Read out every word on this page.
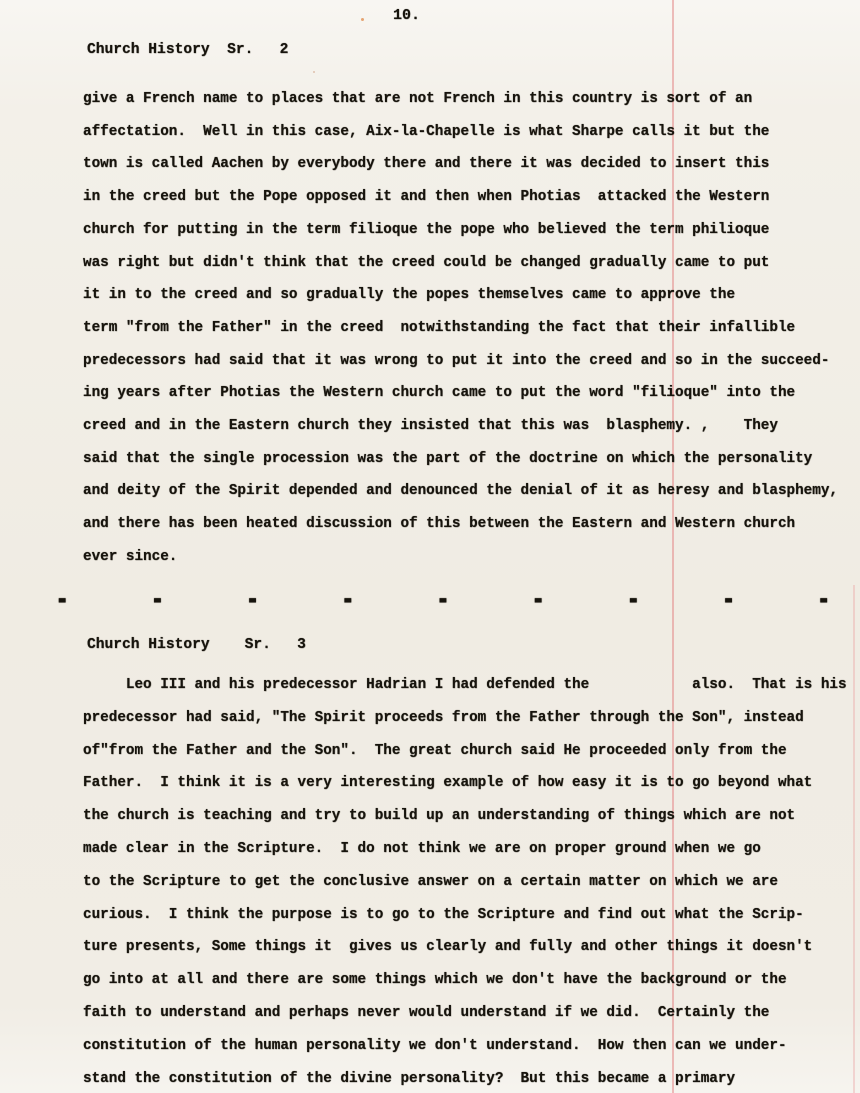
10.
Church History  Sr.   2
give a French name to places that are not French in this country is sort of an
affectation.  Well in this case, Aix-la-Chapelle is what Sharpe calls it but the
town is called Aachen by everybody there and there it was decided to insert this
in the creed but the Pope opposed it and then when Photias  attacked the Western
church for putting in the term filioque the pope who believed the term philioque
was right but didn't think that the creed could be changed gradually came to put
it in to the creed and so gradually the popes themselves came to approve the
term "from the Father" in the creed  notwithstanding the fact that their infallible
predecessors had said that it was wrong to put it into the creed and so in the succeed-
ing years after Photias the Western church came to put the word "filioque" into the
creed and in the Eastern church they insisted that this was  blasphemy. ,    They
said that the single procession was the part of the doctrine on which the personality
and deity of the Spirit depended and denounced the denial of it as heresy and blasphemy,
and there has been heated discussion of this between the Eastern and Western church
ever since.
-	-	-	-	-	-	-	-	-
Church History    Sr.   3
Leo III and his predecessor Hadrian I had defended the            also.  That is his
predecessor had said, "The Spirit proceeds from the Father through the Son", instead
of"from the Father and the Son".  The great church said He proceeded only from the
Father.  I think it is a very interesting example of how easy it is to go beyond what
the church is teaching and try to build up an understanding of things which are not
made clear in the Scripture.  I do not think we are on proper ground when we go
to the Scripture to get the conclusive answer on a certain matter on which we are
curious.  I think the purpose is to go to the Scripture and find out what the Scrip-
ture presents, Some things it  gives us clearly and fully and other things it doesn't
go into at all and there are some things which we don't have the background or the
faith to understand and perhaps never would understand if we did.  Certainly the
constitution of the human personality we don't understand.  How then can we under-
stand the constitution of the divine personality?  But this became a primary
